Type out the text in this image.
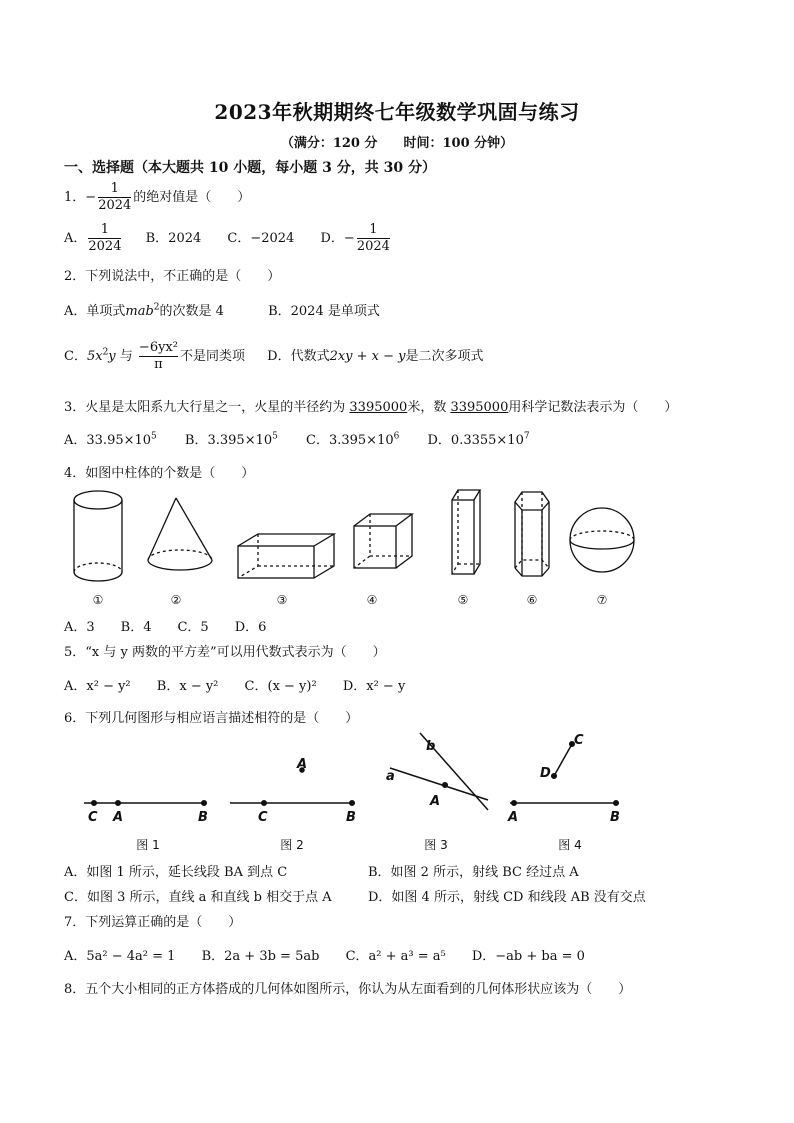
2023年秋期期终七年级数学巩固与练习
（满分：120 分　　时间：100 分钟）
一、选择题（本大题共 10 小题，每小题 3 分，共 30 分）
1．− $\frac{1}{2024}$ 的绝对值是（　　）
A． $\frac{1}{2024}$ B．2024 C．−2024 D．− $\frac{1}{2024}$
2．下列说法中，不正确的是（　　）
A．单项式mab$^2$的次数是 4	B．2024 是单项式
C．$5x^2y$ 与 $\frac{\text{−6yx²}}{\pi}$ 不是同类项 D．代数式2xy + x − y是二次多项式
3．火星是太阳系九大行星之一，火星的半径约为 3395000米，数 3395000用科学记数法表示为（　　）
A．$33.95\times 10^5$ B．$3.395\times 10^5$ C．$3.395\times 10^6$ D．$0.3355\times 10^7$
4．如图中柱体的个数是（　　）
①	②	③	④	⑤	⑥	⑦
A．3　　B．4　　C．5　　D．6
5．“x 与 y 两数的平方差”可以用代数式表示为（　　）
A．x² − y² B．x − y² C．(x − y)² D．x² − y
6．下列几何图形与相应语言描述相符的是（　　）
C A	B	C	B
A
b
a
A
A	B
D
C
图 1	图 2	图 3	图 4
A．如图 1 所示，延长线段 BA 到点 C	B．如图 2 所示，射线 BC 经过点 A
C．如图 3 所示，直线 a 和直线 b 相交于点 A	D．如图 4 所示，射线 CD 和线段 AB 没有交点
7．下列运算正确的是（　　）
A．5a² − 4a² = 1 B．2a + 3b = 5ab C．a² + a³ = a⁵ D．−ab + ba = 0
8．五个大小相同的正方体搭成的几何体如图所示，你认为从左面看到的几何体形状应该为（　　）
